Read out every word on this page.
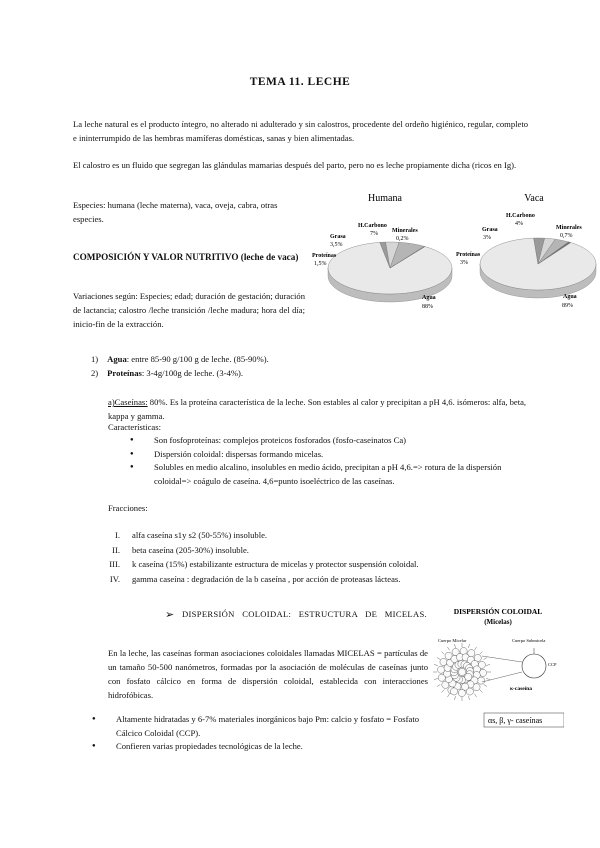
TEMA 11. LECHE
La leche natural es el producto íntegro, no alterado ni adulterado y sin calostros, procedente del ordeño higiénico, regular, completo e ininterrumpido de las hembras mamíferas domésticas, sanas y bien alimentadas.
El calostro es un fluido que segregan las glándulas mamarias después del parto, pero no es leche propiamente dicha (ricos en Ig).
Especies: humana (leche materna), vaca, oveja, cabra, otras especies.
COMPOSICIÓN Y VALOR NUTRITIVO (leche de vaca)
Variaciones según: Especies; edad; duración de gestación; duración de lactancia; calostro /leche transición /leche madura; hora del día; inicio-fin de la extracción.
1) Agua: entre 85-90 g/100 g de leche. (85-90%).
2) Proteínas: 3-4g/100g de leche. (3-4%).
Humana	Vaca
Grasa
3,5%
H.Carbono
7% Minerales
0,2%
Proteínas
1,5%
Agua
88%
Grasa
3%
H.Carbono
4%
Minerales
0,7%
Proteínas
3%
Agua
89%
a)Caseínas: 80%. Es la proteína característica de la leche. Son estables al calor y precipitan a pH 4,6. isómeros: alfa, beta, kappa y gamma.
Características:
● Son fosfoproteínas: complejos proteicos fosforados (fosfo-caseinatos Ca)
● Dispersión coloidal: dispersas formando micelas.
● Solubles en medio alcalino, insolubles en medio ácido, precipitan a pH 4,6.=> rotura de la dispersión coloidal=> coágulo de caseína. 4,6=punto isoeléctrico de las caseínas.
Fracciones:
I. alfa caseína s1y s2 (50-55%) insoluble.
II. beta caseína (205-30%) insoluble.
III. k caseína (15%) estabilizante estructura de micelas y protector suspensión coloidal.
IV. gamma caseína : degradación de la b caseína , por acción de proteasas lácteas.
➢ DISPERSIÓN COLOIDAL: ESTRUCTURA DE MICELAS.
En la leche, las caseínas forman asociaciones coloidales llamadas MICELAS = partículas de un tamaño 50-500 nanómetros, formadas por la asociación de moléculas de caseínas junto con fosfato cálcico en forma de dispersión coloidal, establecida con interacciones hidrofóbicas.
● Altamente hidratadas y 6-7% materiales inorgánicos bajo Pm: calcio y fosfato = Fosfato Cálcico Coloidal (CCP).
● Confieren varias propiedades tecnológicas de la leche.
DISPERSIÓN COLOIDAL
(Micelas)
Cuerpo Micelar	Cuerpo Submicela
κ-caseína
CCP
αs, β, γ- caseínas
